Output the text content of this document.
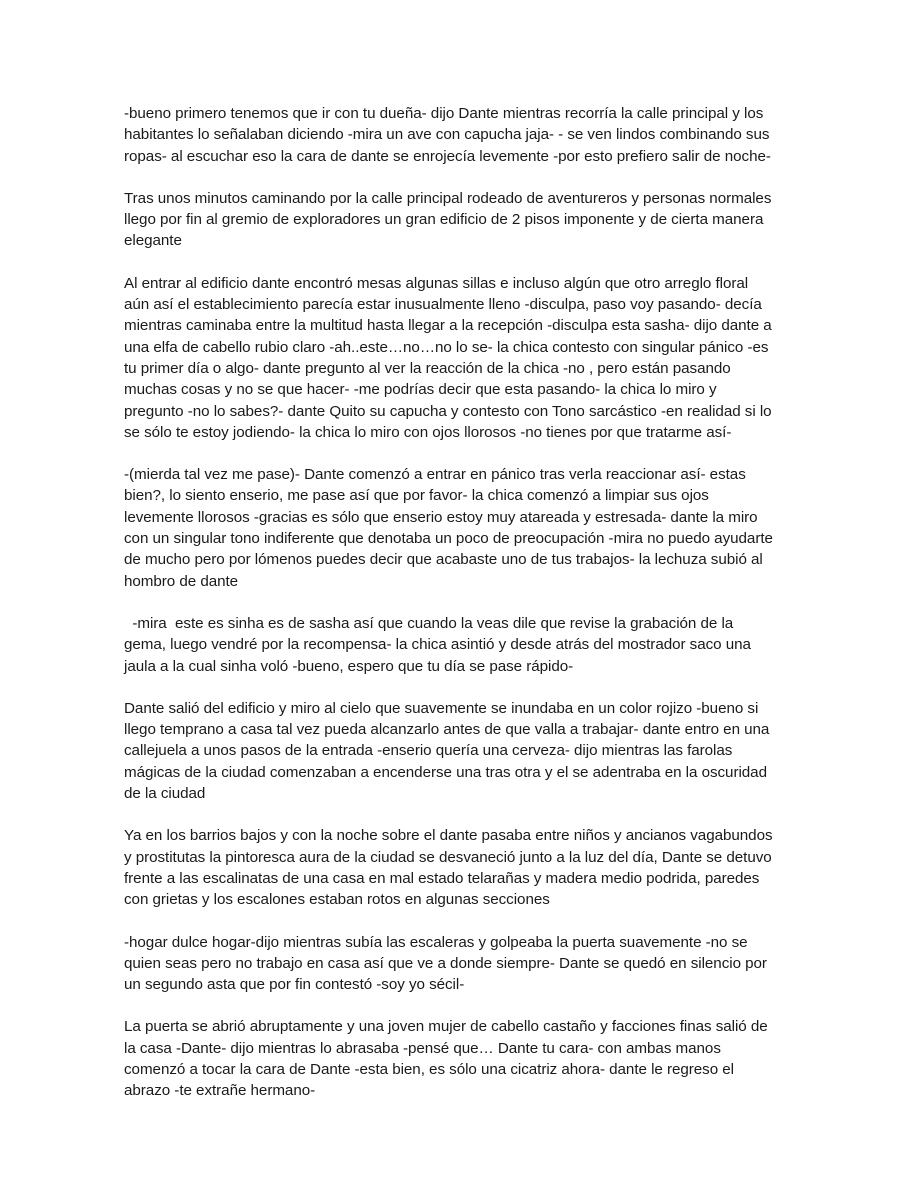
-bueno primero tenemos que ir con tu dueña- dijo Dante mientras recorría la calle principal y los habitantes lo señalaban diciendo -mira un ave con capucha jaja- - se ven lindos combinando sus ropas- al escuchar eso la cara de dante se enrojecía levemente -por esto prefiero salir de noche-

Tras unos minutos caminando por la calle principal rodeado de aventureros y personas normales llego por fin al gremio de exploradores un gran edificio de 2 pisos imponente y de cierta manera elegante

Al entrar al edificio dante encontró mesas algunas sillas e incluso algún que otro arreglo floral aún así el establecimiento parecía estar inusualmente lleno -disculpa, paso voy pasando- decía mientras caminaba entre la multitud hasta llegar a la recepción -disculpa esta sasha- dijo dante a una elfa de cabello rubio claro -ah..este…no…no lo se- la chica contesto con singular pánico -es tu primer día o algo- dante pregunto al ver la reacción de la chica -no , pero están pasando muchas cosas y no se que hacer- -me podrías decir que esta pasando- la chica lo miro y pregunto -no lo sabes?- dante Quito su capucha y contesto con Tono sarcástico -en realidad si lo se sólo te estoy jodiendo- la chica lo miro con ojos llorosos -no tienes por que tratarme así-

-(mierda tal vez me pase)- Dante comenzó a entrar en pánico tras verla reaccionar así- estas bien?, lo siento enserio, me pase así que por favor- la chica comenzó a limpiar sus ojos levemente llorosos -gracias es sólo que enserio estoy muy atareada y estresada- dante la miro con un singular tono indiferente que denotaba un poco de preocupación -mira no puedo ayudarte de mucho pero por lómenos puedes decir que acabaste uno de tus trabajos- la lechuza subió al hombro de dante

-mira  este es sinha es de sasha así que cuando la veas dile que revise la grabación de la gema, luego vendré por la recompensa- la chica asintió y desde atrás del mostrador saco una jaula a la cual sinha voló -bueno, espero que tu día se pase rápido-

Dante salió del edificio y miro al cielo que suavemente se inundaba en un color rojizo -bueno si llego temprano a casa tal vez pueda alcanzarlo antes de que valla a trabajar- dante entro en una callejuela a unos pasos de la entrada -enserio quería una cerveza- dijo mientras las farolas mágicas de la ciudad comenzaban a encenderse una tras otra y el se adentraba en la oscuridad de la ciudad

Ya en los barrios bajos y con la noche sobre el dante pasaba entre niños y ancianos vagabundos y prostitutas la pintoresca aura de la ciudad se desvaneció junto a la luz del día, Dante se detuvo frente a las escalinatas de una casa en mal estado telarañas y madera medio podrida, paredes con grietas y los escalones estaban rotos en algunas secciones

-hogar dulce hogar-dijo mientras subía las escaleras y golpeaba la puerta suavemente -no se quien seas pero no trabajo en casa así que ve a donde siempre- Dante se quedó en silencio por un segundo asta que por fin contestó -soy yo sécil-

La puerta se abrió abruptamente y una joven mujer de cabello castaño y facciones finas salió de la casa -Dante- dijo mientras lo abrasaba -pensé que… Dante tu cara- con ambas manos comenzó a tocar la cara de Dante -esta bien, es sólo una cicatriz ahora- dante le regreso el abrazo -te extrañe hermano-
